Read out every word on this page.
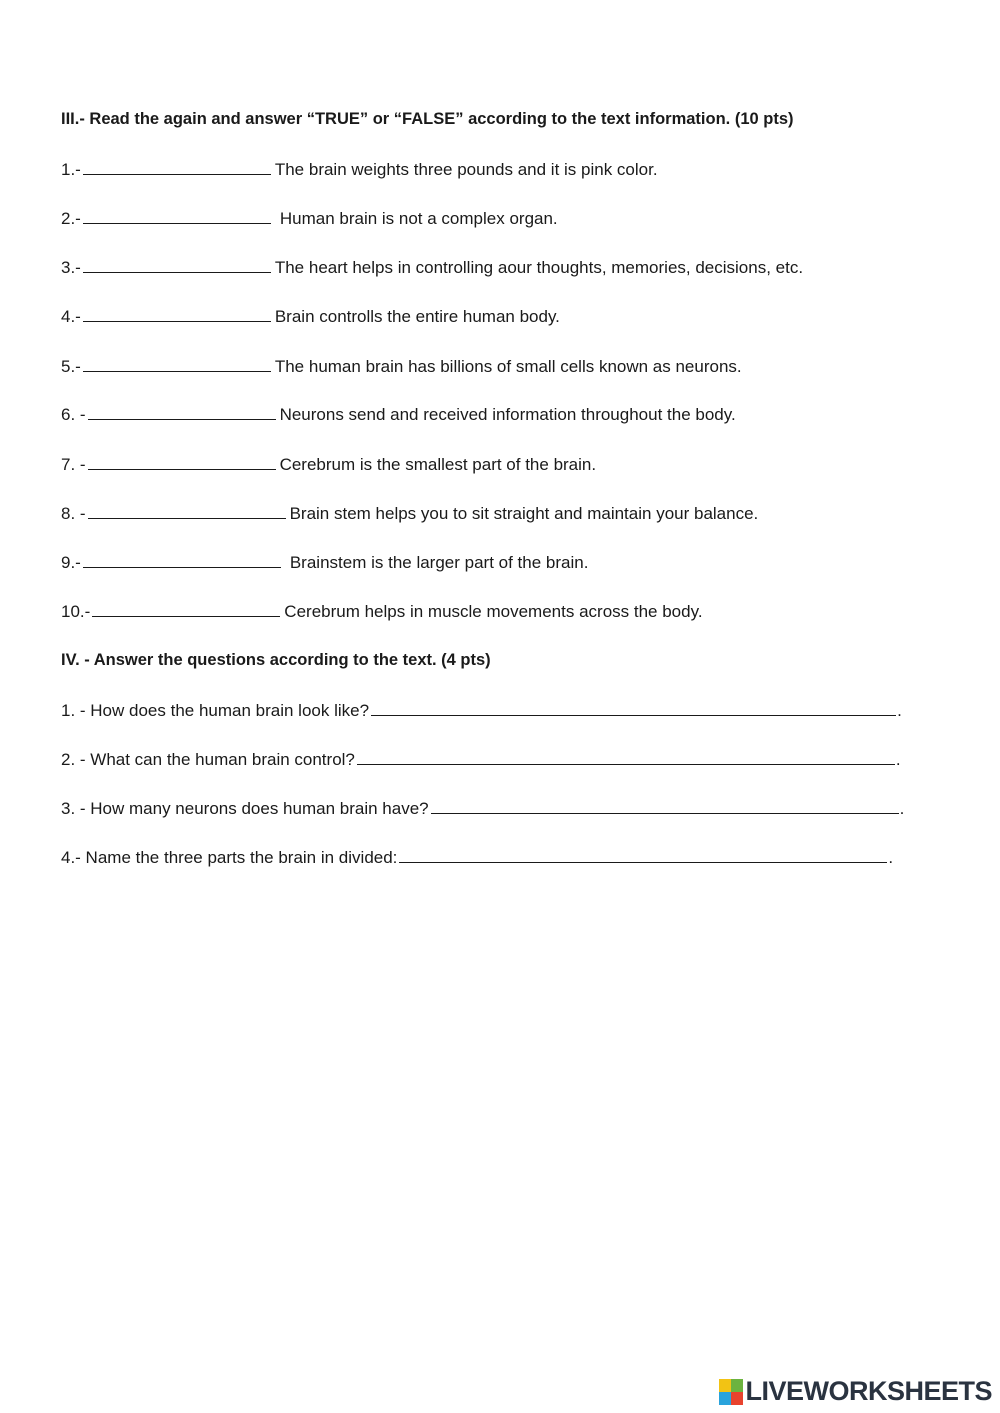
III.- Read the again and answer “TRUE” or “FALSE” according to the text information. (10 pts)
1.-	The brain weights three pounds and it is pink color.
2.-	Human brain is not a complex organ.
3.-	The heart helps in controlling aour thoughts, memories, decisions, etc.
4.-	Brain controlls the entire human body.
5.-	The human brain has billions of small cells known as neurons.
6. -	Neurons send and received information throughout the body.
7. -	Cerebrum is the smallest part of the brain.
8. -	Brain stem helps you to sit straight and maintain your balance.
9.-	Brainstem is the larger part of the brain.
10.-	Cerebrum helps in muscle movements across the body.
IV. - Answer the questions according to the text. (4 pts)
1. - How does the human brain look like?	.
2. - What can the human brain control?	.
3. - How many neurons does human brain have?	.
4.- Name the three parts the brain in divided:	.
LIVEWORKSHEETS
